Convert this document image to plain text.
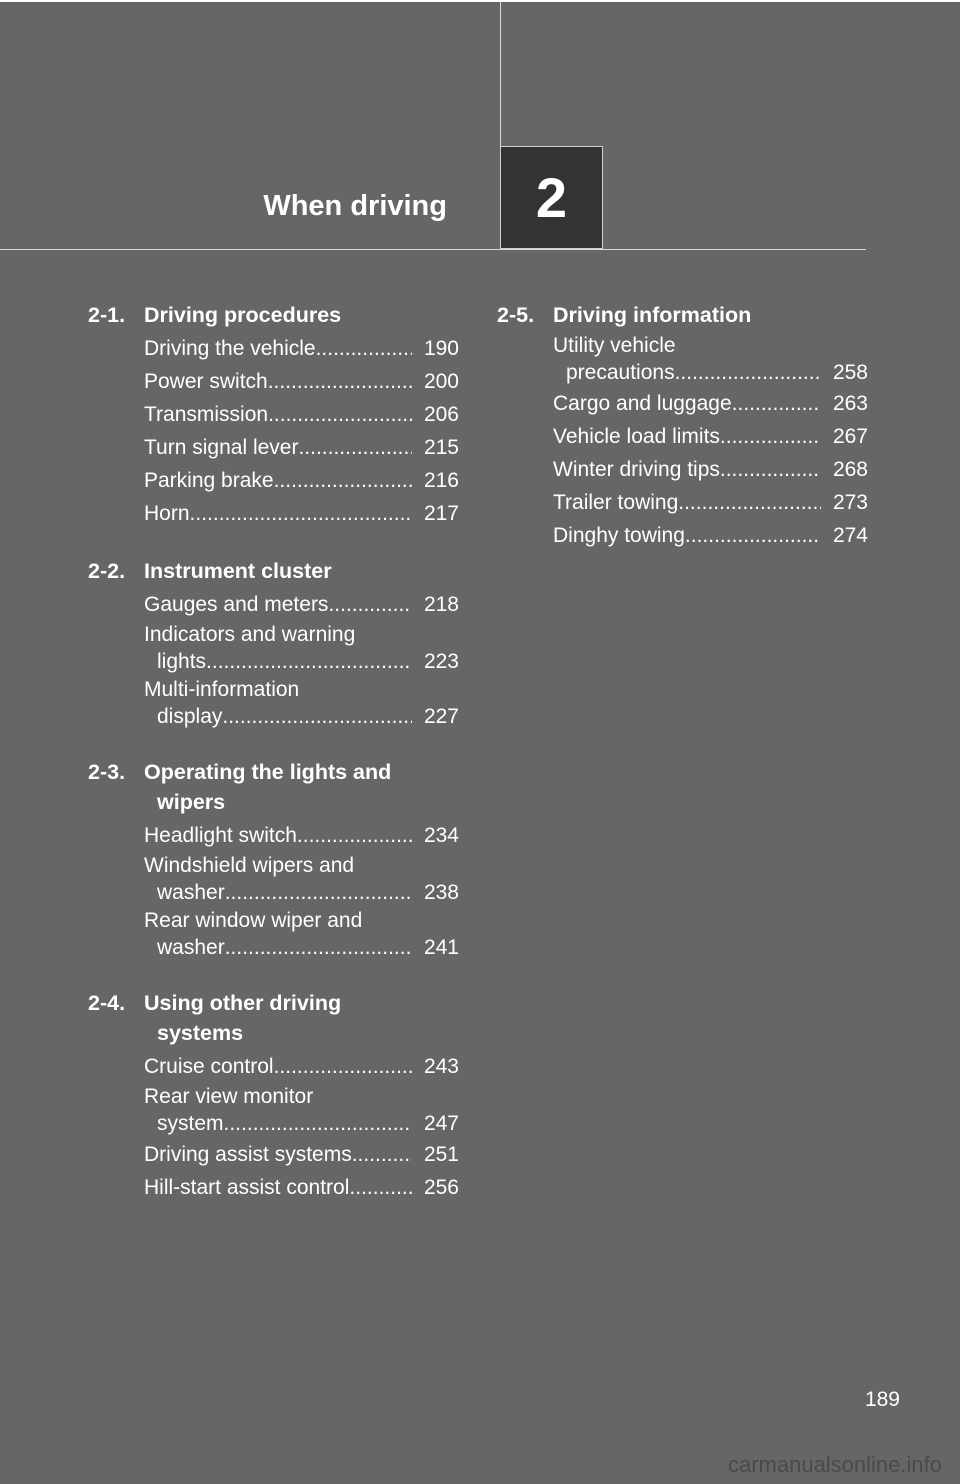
When driving 2
2-1. Driving procedures
Driving the vehicle .....	190
Power switch .....	200
Transmission .....	206
Turn signal lever .....	215
Parking brake .....	216
Horn .....	217
2-2. Instrument cluster
Gauges and meters .....	218
Indicators and warning
lights .....	223
Multi-information
display .....	227
2-3. Operating the lights and
wipers
Headlight switch .....	234
Windshield wipers and
washer .....	238
Rear window wiper and
washer .....	241
2-4. Using other driving
systems
Cruise control .....	243
Rear view monitor
system .....	247
Driving assist systems .....	251
Hill-start assist control .....	256
2-5. Driving information
Utility vehicle
precautions .....	258
Cargo and luggage .....	263
Vehicle load limits .....	267
Winter driving tips .....	268
Trailer towing .....	273
Dinghy towing .....	274
189
carmanualsonline.info
